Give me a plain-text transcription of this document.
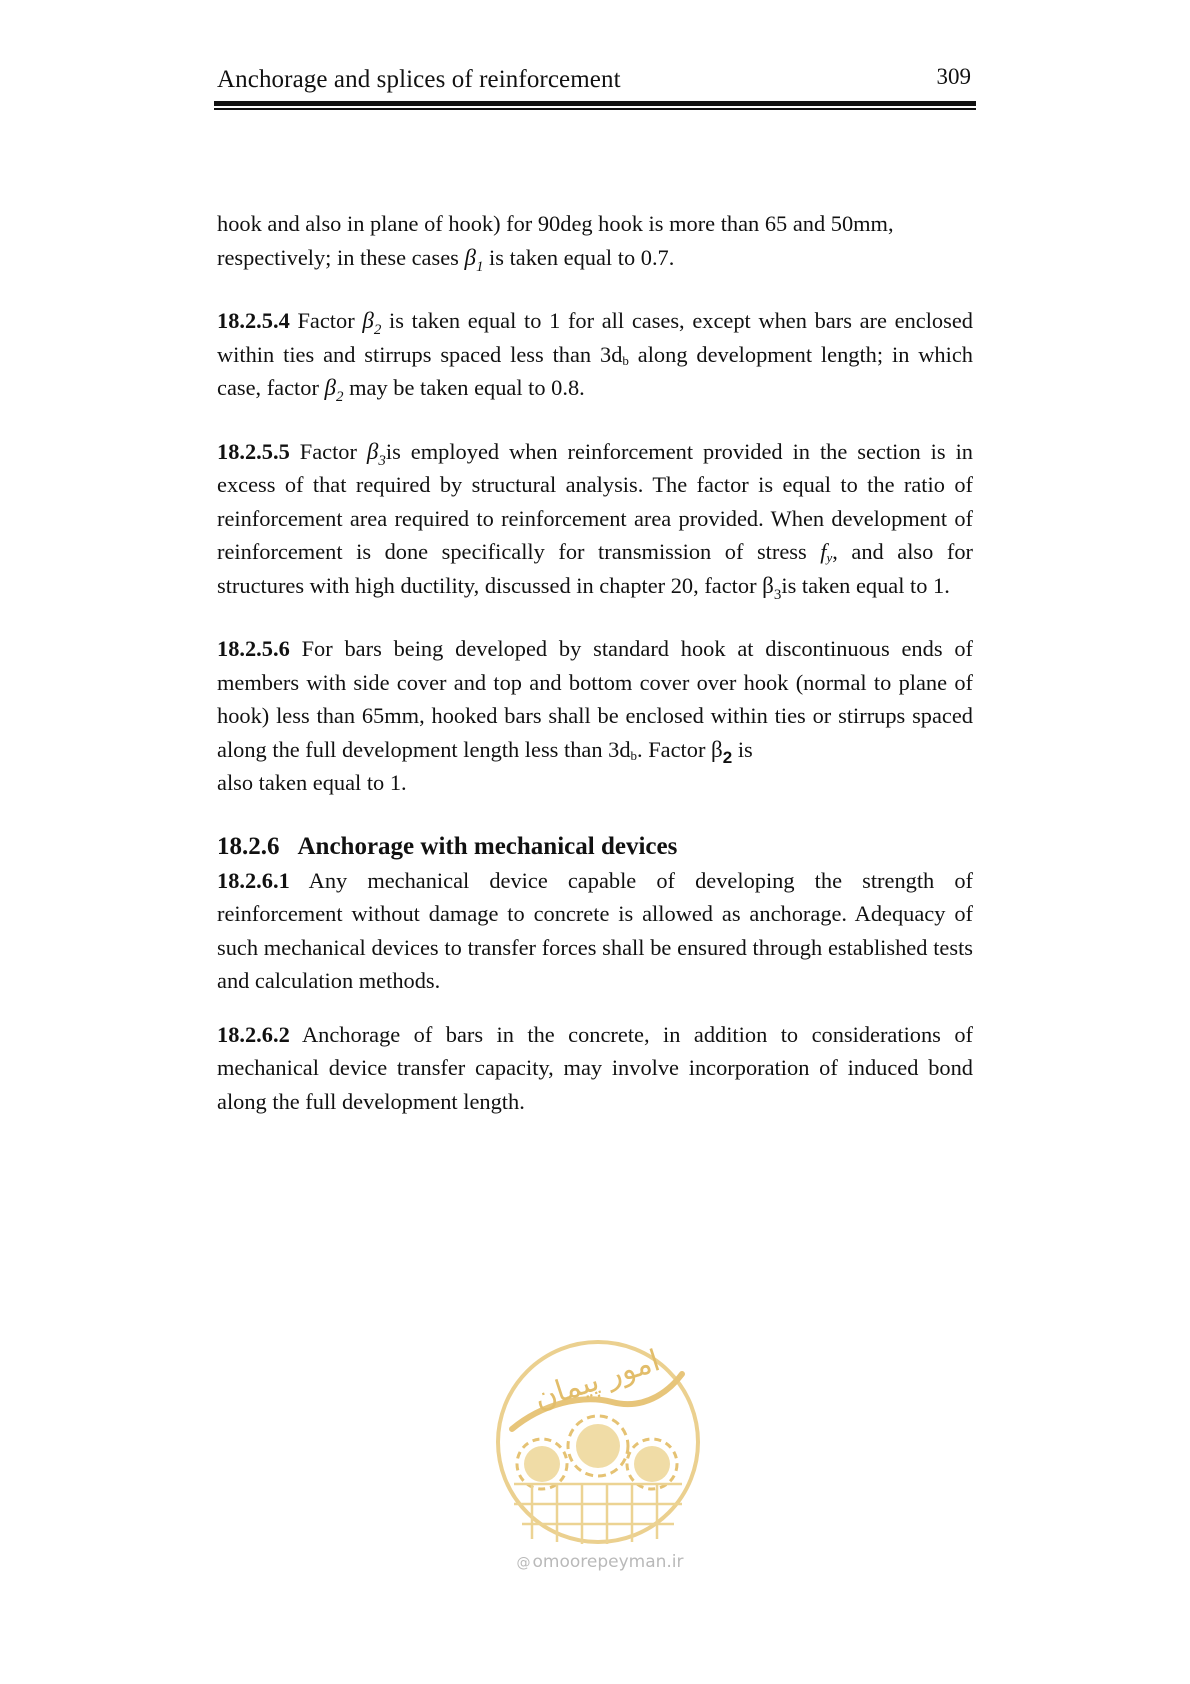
Anchorage and splices of reinforcement	309

hook and also in plane of hook) for 90deg hook is more than 65 and 50mm,
respectively; in these cases $\beta_1$ is taken equal to 0.7.

18.2.5.4 Factor $\beta_2$ is taken equal to 1 for all cases, except when bars are enclosed within ties and stirrups spaced less than 3db along development length; in which case, factor $\beta_2$ may be taken equal to 0.8.

18.2.5.5 Factor $\beta_3is$ employed when reinforcement provided in the section is in excess of that required by structural analysis. The factor is equal to the ratio of reinforcement area required to reinforcement area provided. When development of reinforcement is done specifically for transmission of stress fy, and also for structures with high ductility, discussed in chapter 20, factor $\beta_3is$ taken equal to 1.

18.2.5.6 For bars being developed by standard hook at discontinuous ends of members with side cover and top and bottom cover over hook (normal to plane of hook) less than 65mm, hooked bars shall be enclosed within ties or stirrups spaced along the full development length less than 3db. Factor $\beta_2$ is
also taken equal to 1.

18.2.6 Anchorage with mechanical devices

18.2.6.1 Any mechanical device capable of developing the strength of reinforcement without damage to concrete is allowed as anchorage. Adequacy of such mechanical devices to transfer forces shall be ensured through established tests and calculation methods.

18.2.6.2 Anchorage of bars in the concrete, in addition to considerations of mechanical device transfer capacity, may involve incorporation of induced bond along the full development length.

امور پیمان
@ omoorepeyman.ir
